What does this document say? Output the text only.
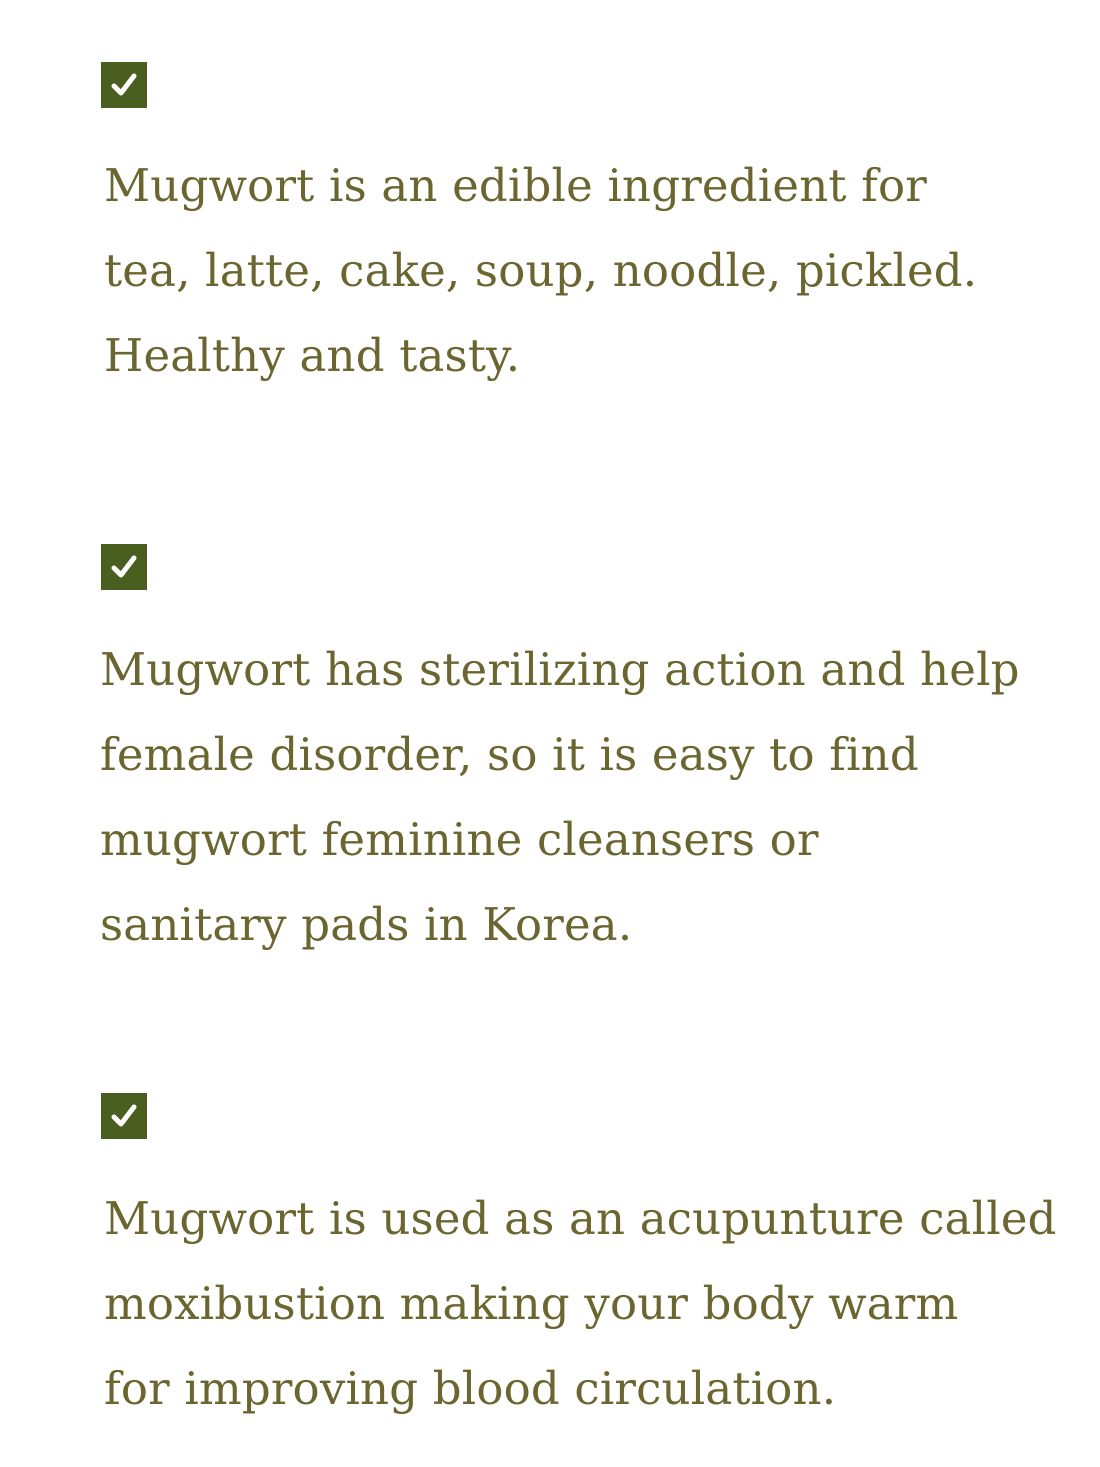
Mugwort is an edible ingredient for
tea, latte, cake, soup, noodle, pickled.
Healthy and tasty.

Mugwort has sterilizing action and help
female disorder, so it is easy to find
mugwort feminine cleansers or
sanitary pads in Korea.

Mugwort is used as an acupunture called
moxibustion making your body warm
for improving blood circulation.
